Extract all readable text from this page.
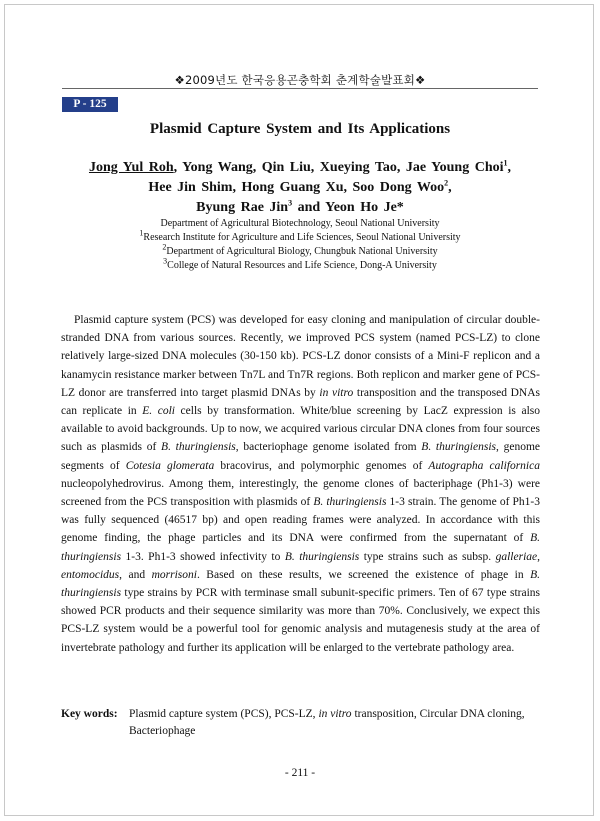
❖2009년도 한국응용곤충학회 춘계학술발표회❖
P - 125
Plasmid Capture System and Its Applications
Jong Yul Roh, Yong Wang, Qin Liu, Xueying Tao, Jae Young Choi$^1$,
Hee Jin Shim, Hong Guang Xu, Soo Dong Woo$^2$,
Byung Rae Jin$^3$ and Yeon Ho Je*
Department of Agricultural Biotechnology, Seoul National University
$^1$Research Institute for Agriculture and Life Sciences, Seoul National University
$^2$Department of Agricultural Biology, Chungbuk National University
$^3$College of Natural Resources and Life Science, Dong-A University

Plasmid capture system (PCS) was developed for easy cloning and manipulation of circular double-stranded DNA from various sources. Recently, we improved PCS system (named PCS-LZ) to clone relatively large-sized DNA molecules (30-150 kb). PCS-LZ donor consists of a Mini-F replicon and a kanamycin resistance marker between Tn7L and Tn7R regions. Both replicon and marker gene of PCS-LZ donor are transferred into target plasmid DNAs by in vitro transposition and the transposed DNAs can replicate in E. coli cells by transformation. White/blue screening by LacZ expression is also available to avoid backgrounds. Up to now, we acquired various circular DNA clones from four sources such as plasmids of B. thuringiensis, bacteriophage genome isolated from B. thuringiensis, genome segments of Cotesia glomerata bracovirus, and polymorphic genomes of Autographa californica nucleopolyhedrovirus. Among them, interestingly, the genome clones of bacteriphage (Ph1-3) were screened from the PCS transposition with plasmids of B. thuringiensis 1-3 strain. The genome of Ph1-3 was fully sequenced (46517 bp) and open reading frames were analyzed. In accordance with this genome finding, the phage particles and its DNA were confirmed from the supernatant of B. thuringiensis 1-3. Ph1-3 showed infectivity to B. thuringiensis type strains such as subsp. galleriae, entomocidus, and morrisoni. Based on these results, we screened the existence of phage in B. thuringiensis type strains by PCR with terminase small subunit-specific primers. Ten of 67 type strains showed PCR products and their sequence similarity was more than 70%. Conclusively, we expect this PCS-LZ system would be a powerful tool for genomic analysis and mutagenesis study at the area of invertebrate pathology and further its application will be enlarged to the vertebrate pathology area.

Key words: Plasmid capture system (PCS), PCS-LZ, in vitro transposition, Circular DNA cloning, Bacteriophage
- 211 -
